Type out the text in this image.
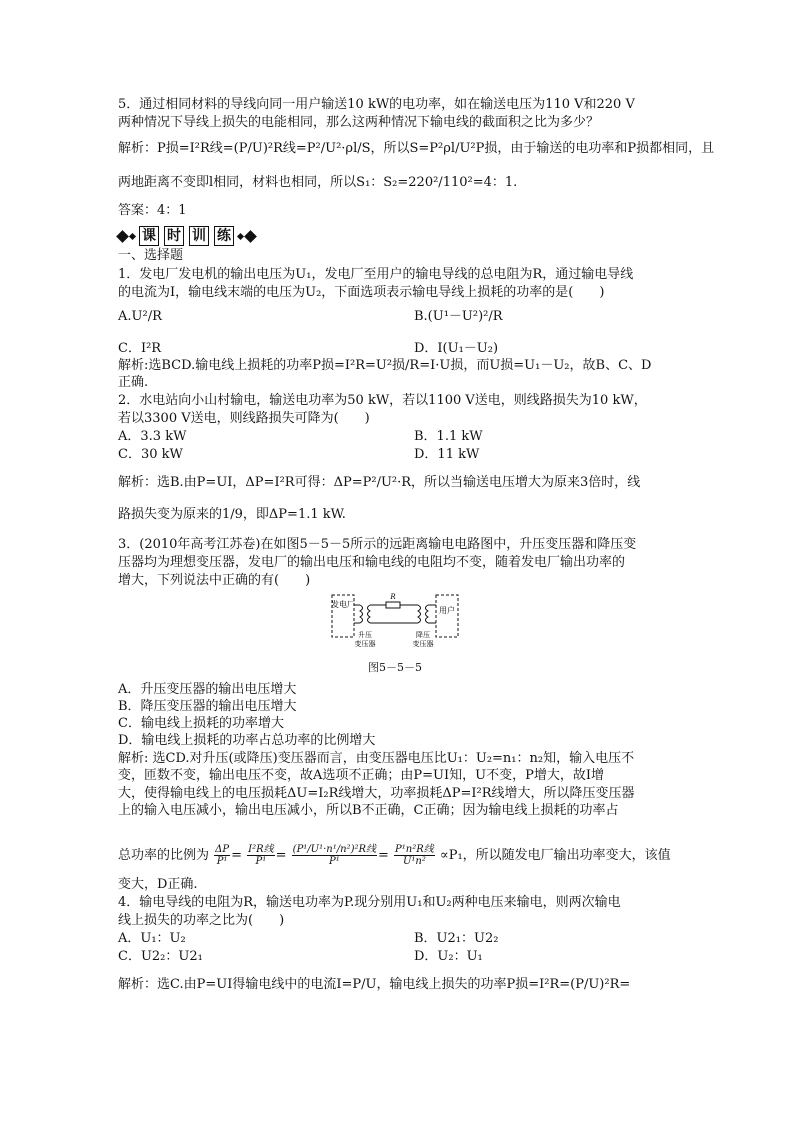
5．通过相同材料的导线向同一用户输送10 kW的电功率，如在输送电压为110 V和220 V
两种情况下导线上损失的电能相同，那么这两种情况下输电线的截面积之比为多少？
解析：P损=I²R线=(P/U)²R线=P²/U²·ρl/S，所以S=P²ρl/U²P损，由于输送的电功率和P损都相同，且
两地距离不变即l相同，材料也相同，所以S₁：S₂=220²/110²=4：1.
答案：4：1
课 时 训 练
一、选择题
1．发电厂发电机的输出电压为U₁，发电厂至用户的输电导线的总电阻为R，通过输电导线
的电流为I，输电线末端的电压为U₂，下面选项表示输电导线上损耗的功率的是(　　)
A.U²/R	B.(U¹－U²)²/R
C．I²R	D．I(U₁－U₂)
解析:选BCD.输电线上损耗的功率P损=I²R=U²损/R=I·U损，而U损=U₁－U₂，故B、C、D
正确.
2．水电站向小山村输电，输送电功率为50 kW，若以1100 V送电，则线路损失为10 kW，
若以3300 V送电，则线路损失可降为(　　)
A．3.3 kW	B．1.1 kW
C．30 kW	D．11 kW
解析：选B.由P=UI，ΔP=I²R可得：ΔP=P²/U²·R，所以当输送电压增大为原来3倍时，线
路损失变为原来的1/9，即ΔP=1.1 kW.
3．(2010年高考江苏卷)在如图5－5－5所示的远距离输电电路图中，升压变压器和降压变
压器均为理想变压器，发电厂的输出电压和输电线的电阻均不变，随着发电厂输出功率的
增大，下列说法中正确的有(　　)
发电厂
R
用户
升压
变压器
降压
变压器
图5－5－5
A．升压变压器的输出电压增大
B．降压变压器的输出电压增大
C．输电线上损耗的功率增大
D．输电线上损耗的功率占总功率的比例增大
解析: 选CD.对升压(或降压)变压器而言，由变压器电压比U₁：U₂=n₁：n₂知，输入电压不
变，匝数不变，输出电压不变，故A选项不正确；由P=UI知，U不变，P增大，故I增
大，使得输电线上的电压损耗ΔU=I₂R线增大，功率损耗ΔP=I²R线增大，所以降压变压器
上的输入电压减小，输出电压减小，所以B不正确，C正确；因为输电线上损耗的功率占
总功率的比例为 $\frac{\Delta P}{\text{P¹}} = \frac{\text{I²R线}}{\text{P¹}} = \frac{\text{(P¹/U¹·n¹/n²)²R线}}{\text{P¹}} = \frac{\text{P¹n²R线}}{\text{U¹n²}} \propto P_1$，所以随发电厂输出功率变大，该值
变大，D正确.
4．输电导线的电阻为R，输送电功率为P.现分别用U₁和U₂两种电压来输电，则两次输电
线上损失的功率之比为(　　)
A．U₁：U₂	B．U2₁：U2₂
C．U2₂：U2₁	D．U₂：U₁
解析：选C.由P=UI得输电线中的电流I=P/U，输电线上损失的功率P损=I²R=(P/U)²R=
